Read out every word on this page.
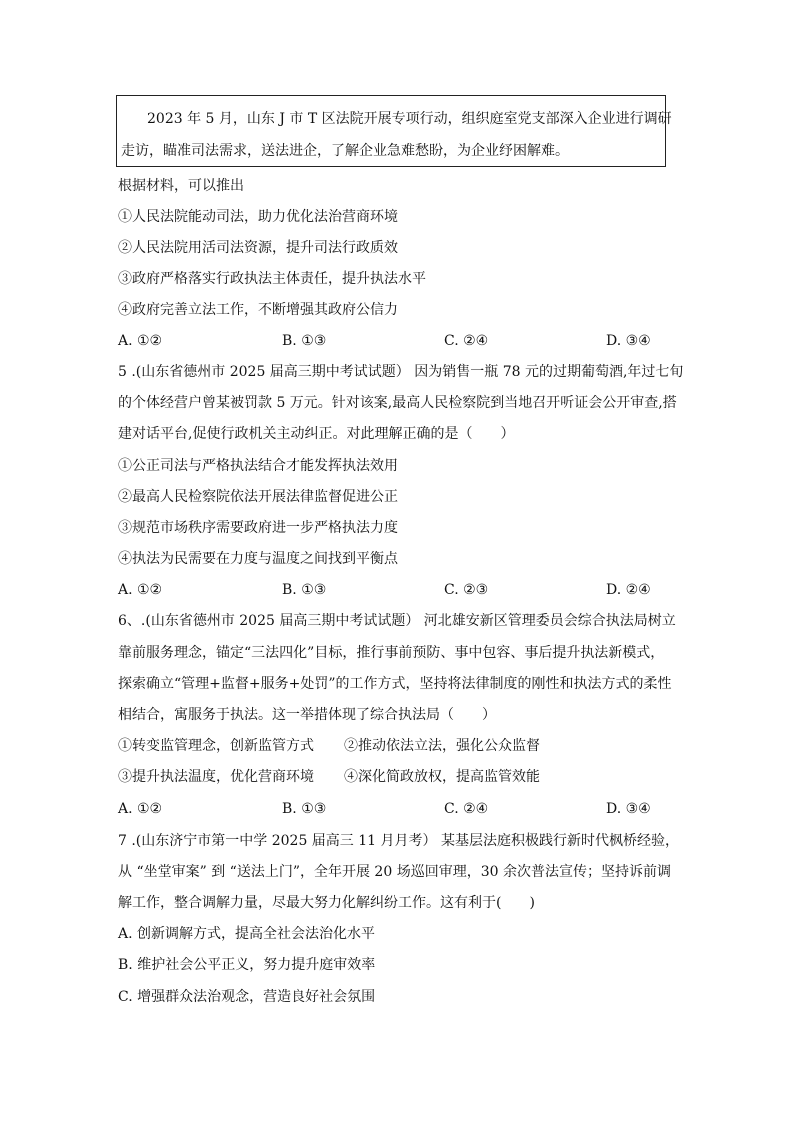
2023 年 5 月，山东 J 市 T 区法院开展专项行动，组织庭室党支部深入企业进行调研
走访，瞄准司法需求，送法进企，了解企业急难愁盼，为企业纾困解难。
根据材料，可以推出
①人民法院能动司法，助力优化法治营商环境
②人民法院用活司法资源，提升司法行政质效
③政府严格落实行政执法主体责任，提升执法水平
④政府完善立法工作，不断增强其政府公信力
A. ①②	B. ①③	C. ②④	D. ③④
5 .(山东省德州市 2025 届高三期中考试试题） 因为销售一瓶 78 元的过期葡萄酒,年过七旬
的个体经营户曾某被罚款 5 万元。针对该案,最高人民检察院到当地召开听证会公开审查,搭
建对话平台,促使行政机关主动纠正。对此理解正确的是（　　）
①公正司法与严格执法结合才能发挥执法效用
②最高人民检察院依法开展法律监督促进公正
③规范市场秩序需要政府进一步严格执法力度
④执法为民需要在力度与温度之间找到平衡点
A. ①②	B. ①③	C. ②③	D. ②④
6、.(山东省德州市 2025 届高三期中考试试题） 河北雄安新区管理委员会综合执法局树立
靠前服务理念，锚定“三法四化”目标，推行事前预防、事中包容、事后提升执法新模式，
探索确立“管理+监督+服务+处罚”的工作方式，坚持将法律制度的刚性和执法方式的柔性
相结合，寓服务于执法。这一举措体现了综合执法局（　　）
①转变监管理念，创新监管方式 ②推动依法立法，强化公众监督
③提升执法温度，优化营商环境 ④深化简政放权，提高监管效能
A. ①②	B. ①③	C. ②④	D. ③④
7 .(山东济宁市第一中学 2025 届高三 11 月月考） 某基层法庭积极践行新时代枫桥经验，
从 “坐堂审案” 到 “送法上门”，全年开展 20 场巡回审理，30 余次普法宣传；坚持诉前调
解工作，整合调解力量，尽最大努力化解纠纷工作。这有利于(　　)
A. 创新调解方式，提高全社会法治化水平
B. 维护社会公平正义，努力提升庭审效率
C. 增强群众法治观念，营造良好社会氛围
